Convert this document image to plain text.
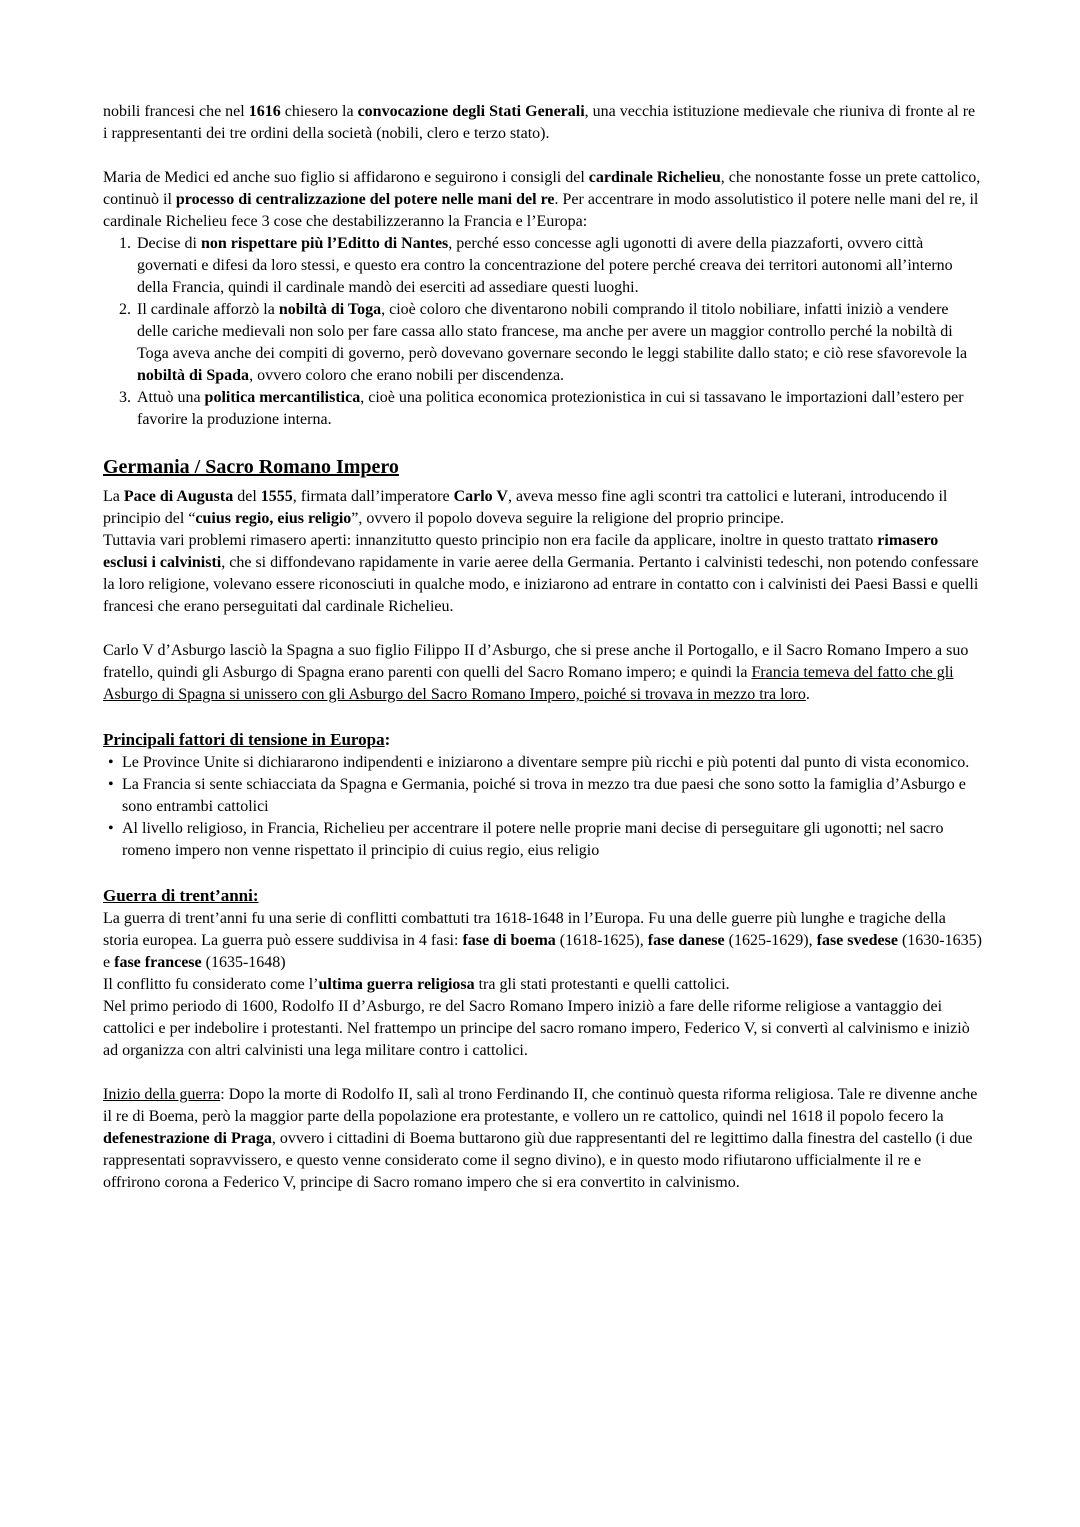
nobili francesi che nel 1616 chiesero la convocazione degli Stati Generali, una vecchia istituzione medievale che riuniva di fronte al re i rappresentanti dei tre ordini della società (nobili, clero e terzo stato).

Maria de Medici ed anche suo figlio si affidarono e seguirono i consigli del cardinale Richelieu, che nonostante fosse un prete cattolico, continuò il processo di centralizzazione del potere nelle mani del re. Per accentrare in modo assolutistico il potere nelle mani del re, il cardinale Richelieu fece 3 cose che destabilizzeranno la Francia e l’Europa:

1. Decise di non rispettare più l’Editto di Nantes, perché esso concesse agli ugonotti di avere della piazzaforti, ovvero città governati e difesi da loro stessi, e questo era contro la concentrazione del potere perché creava dei territori autonomi all’interno della Francia, quindi il cardinale mandò dei eserciti ad assediare questi luoghi.
2. Il cardinale afforzò la nobiltà di Toga, cioè coloro che diventarono nobili comprando il titolo nobiliare, infatti iniziò a vendere delle cariche medievali non solo per fare cassa allo stato francese, ma anche per avere un maggior controllo perché la nobiltà di Toga aveva anche dei compiti di governo, però dovevano governare secondo le leggi stabilite dallo stato; e ciò rese sfavorevole la nobiltà di Spada, ovvero coloro che erano nobili per discendenza.
3. Attuò una politica mercantilistica, cioè una politica economica protezionistica in cui si tassavano le importazioni dall’estero per favorire la produzione interna.
Germania / Sacro Romano Impero

La Pace di Augusta del 1555, firmata dall’imperatore Carlo V, aveva messo fine agli scontri tra cattolici e luterani, introducendo il principio del “cuius regio, eius religio”, ovvero il popolo doveva seguire la religione del proprio principe.
Tuttavia vari problemi rimasero aperti: innanzitutto questo principio non era facile da applicare, inoltre in questo trattato rimasero esclusi i calvinisti, che si diffondevano rapidamente in varie aeree della Germania. Pertanto i calvinisti tedeschi, non potendo confessare la loro religione, volevano essere riconosciuti in qualche modo, e iniziarono ad entrare in contatto con i calvinisti dei Paesi Bassi e quelli francesi che erano perseguitati dal cardinale Richelieu.

Carlo V d’Asburgo lasciò la Spagna a suo figlio Filippo II d’Asburgo, che si prese anche il Portogallo, e il Sacro Romano Impero a suo fratello, quindi gli Asburgo di Spagna erano parenti con quelli del Sacro Romano impero; e quindi la Francia temeva del fatto che gli Asburgo di Spagna si unissero con gli Asburgo del Sacro Romano Impero, poiché si trovava in mezzo tra loro.

Principali fattori di tensione in Europa:
• Le Province Unite si dichiararono indipendenti e iniziarono a diventare sempre più ricchi e più potenti dal punto di vista economico.
• La Francia si sente schiacciata da Spagna e Germania, poiché si trova in mezzo tra due paesi che sono sotto la famiglia d’Asburgo e sono entrambi cattolici
• Al livello religioso, in Francia, Richelieu per accentrare il potere nelle proprie mani decise di perseguitare gli ugonotti; nel sacro romeno impero non venne rispettato il principio di cuius regio, eius religio
Guerra di trent’anni:

La guerra di trent’anni fu una serie di conflitti combattuti tra 1618-1648 in l’Europa. Fu una delle guerre più lunghe e tragiche della storia europea. La guerra può essere suddivisa in 4 fasi: fase di boema (1618-1625), fase danese (1625-1629), fase svedese (1630-1635) e fase francese (1635-1648)
Il conflitto fu considerato come l’ultima guerra religiosa tra gli stati protestanti e quelli cattolici.
Nel primo periodo di 1600, Rodolfo II d’Asburgo, re del Sacro Romano Impero iniziò a fare delle riforme religiose a vantaggio dei cattolici e per indebolire i protestanti. Nel frattempo un principe del sacro romano impero, Federico V, si convertì al calvinismo e iniziò ad organizza con altri calvinisti una lega militare contro i cattolici.

Inizio della guerra: Dopo la morte di Rodolfo II, salì al trono Ferdinando II, che continuò questa riforma religiosa. Tale re divenne anche il re di Boema, però la maggior parte della popolazione era protestante, e vollero un re cattolico, quindi nel 1618 il popolo fecero la defenestrazione di Praga, ovvero i cittadini di Boema buttarono giù due rappresentanti del re legittimo dalla finestra del castello (i due rappresentati sopravvissero, e questo venne considerato come il segno divino), e in questo modo rifiutarono ufficialmente il re e offrirono corona a Federico V, principe di Sacro romano impero che si era convertito in calvinismo.
